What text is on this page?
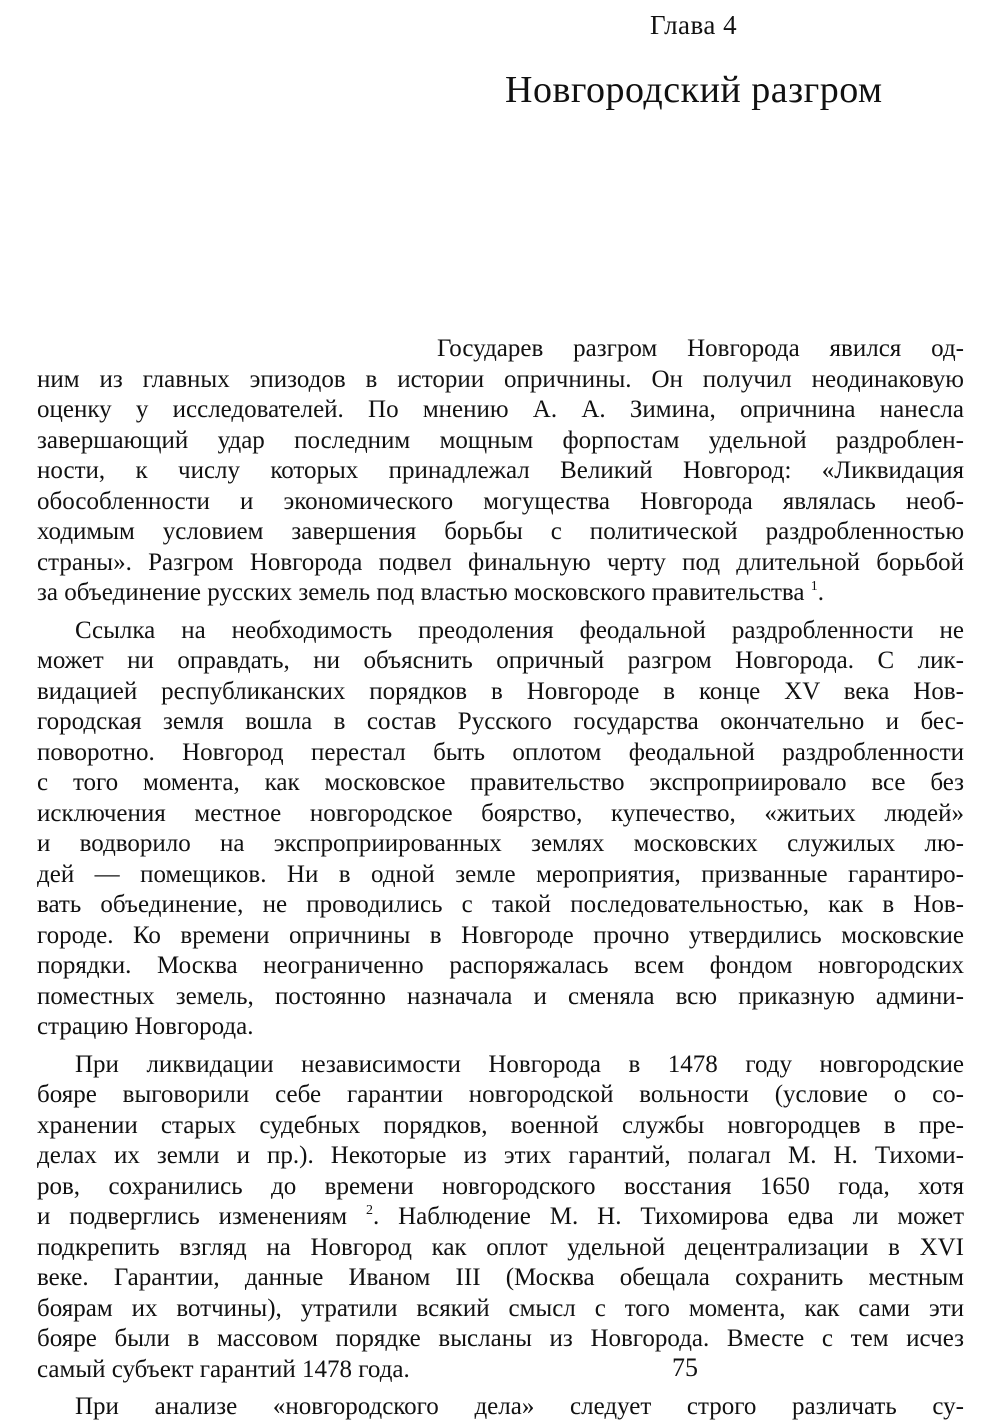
Глава 4
Новгородский разгром
Государев разгром Новгорода явился од-
ним из главных эпизодов в истории опричнины. Он получил неодинаковую
оценку у исследователей. По мнению А. А. Зимина, опричнина нанесла
завершающий удар последним мощным форпостам удельной раздроблен-
ности, к числу которых принадлежал Великий Новгород: «Ликвидация
обособленности и экономического могущества Новгорода являлась необ-
ходимым условием завершения борьбы с политической раздробленностью
страны». Разгром Новгорода подвел финальную черту под длительной борьбой
за объединение русских земель под властью московского правительства $^1$.
Ссылка на необходимость преодоления феодальной раздробленности не
может ни оправдать, ни объяснить опричный разгром Новгорода. С лик-
видацией республиканских порядков в Новгороде в конце XV века Нов-
городская земля вошла в состав Русского государства окончательно и бес-
поворотно. Новгород перестал быть оплотом феодальной раздробленности
с того момента, как московское правительство экспроприировало все без
исключения местное новгородское боярство, купечество, «житьих людей»
и водворило на экспроприированных землях московских служилых лю-
дей — помещиков. Ни в одной земле мероприятия, призванные гарантиро-
вать объединение, не проводились с такой последовательностью, как в Нов-
городе. Ко времени опричнины в Новгороде прочно утвердились московские
порядки. Москва неограниченно распоряжалась всем фондом новгородских
поместных земель, постоянно назначала и сменяла всю приказную админи-
страцию Новгорода.
При ликвидации независимости Новгорода в 1478 году новгородские
бояре выговорили себе гарантии новгородской вольности (условие о со-
хранении старых судебных порядков, военной службы новгородцев в пре-
делах их земли и пр.). Некоторые из этих гарантий, полагал М. Н. Тихоми-
ров, сохранились до времени новгородского восстания 1650 года, хотя
и подверглись изменениям $^2$. Наблюдение М. Н. Тихомирова едва ли может
подкрепить взгляд на Новгород как оплот удельной децентрализации в XVI
веке. Гарантии, данные Иваном III (Москва обещала сохранить местным
боярам их вотчины), утратили всякий смысл с того момента, как сами эти
бояре были в массовом порядке высланы из Новгорода. Вместе с тем исчез
самый субъект гарантий 1478 года.
При анализе «новгородского дела» следует строго различать су-
75
